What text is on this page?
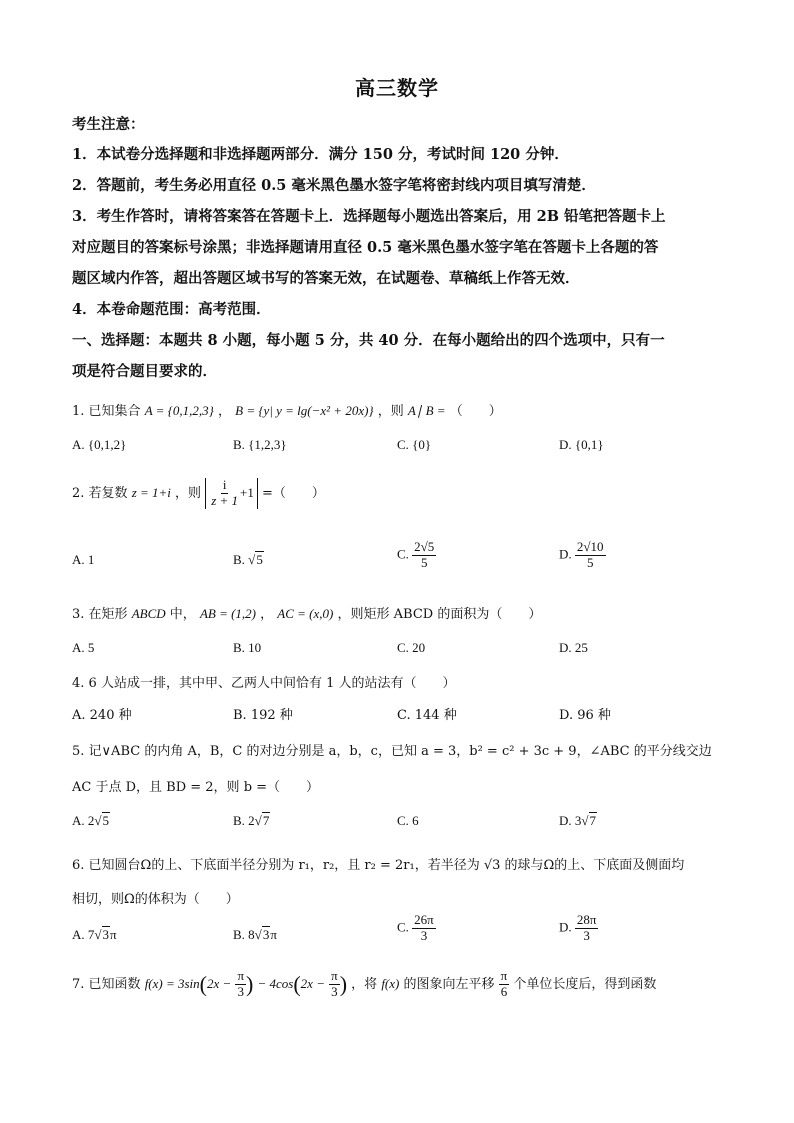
高三数学
考生注意：
1．本试卷分选择题和非选择题两部分．满分 150 分，考试时间 120 分钟．
2．答题前，考生务必用直径 0.5 毫米黑色墨水签字笔将密封线内项目填写清楚．
3．考生作答时，请将答案答在答题卡上．选择题每小题选出答案后，用 2B 铅笔把答题卡上
对应题目的答案标号涂黑；非选择题请用直径 0.5 毫米黑色墨水签字笔在答题卡上各题的答
题区域内作答，超出答题区域书写的答案无效，在试题卷、草稿纸上作答无效．
4．本卷命题范围：高考范围．
一、选择题：本题共 8 小题，每小题 5 分，共 40 分．在每小题给出的四个选项中，只有一
项是符合题目要求的．
1. 已知集合 A = {0,1,2,3} ， B = {y| y = lg(−x² + 20x)} ，则 A∣ B = （　　）
A. {0,1,2}	B. {1,2,3}	C. {0}	D. {0,1}
2. 若复数 z = 1+i ，则 $\frac{i}{z + 1} +1$ =（　　）
A. 1	B. √5	C. $\frac{2√5}{5}$	D. $\frac{2√10}{5}$
3. 在矩形 ABCD 中， AB = (1,2) ， AC = (x,0) ，则矩形 ABCD 的面积为（　　）
A. 5	B. 10	C. 20	D. 25
4. 6 人站成一排，其中甲、乙两人中间恰有 1 人的站法有（　　）
A. 240 种	B. 192 种	C. 144 种	D. 96 种
5. 记∨ABC 的内角 A，B，C 的对边分别是 a，b，c，已知 a = 3，b² = c² + 3c + 9，∠ABC 的平分线交边
AC 于点 D，且 BD = 2，则 b =（　　）
A. 2√5	B. 2√7	C. 6	D. 3√7
6. 已知圆台Ω的上、下底面半径分别为 r₁，r₂，且 r₂ = 2r₁，若半径为 √3 的球与Ω的上、下底面及侧面均
相切，则Ω的体积为（　　）
A. 7√3π	B. 8√3π
C. $\frac{26\pi}{3}$	D. $\frac{28\pi}{3}$
7. 已知函数 $f(x) = 3\sin(2x - \frac{\pi}{3}$ ) − $4\cos(2x - \frac{\pi}{3}$ ) ，将 f(x) 的图象向左平移 $\frac{\pi}{6}$ 个单位长度后，得到函数
